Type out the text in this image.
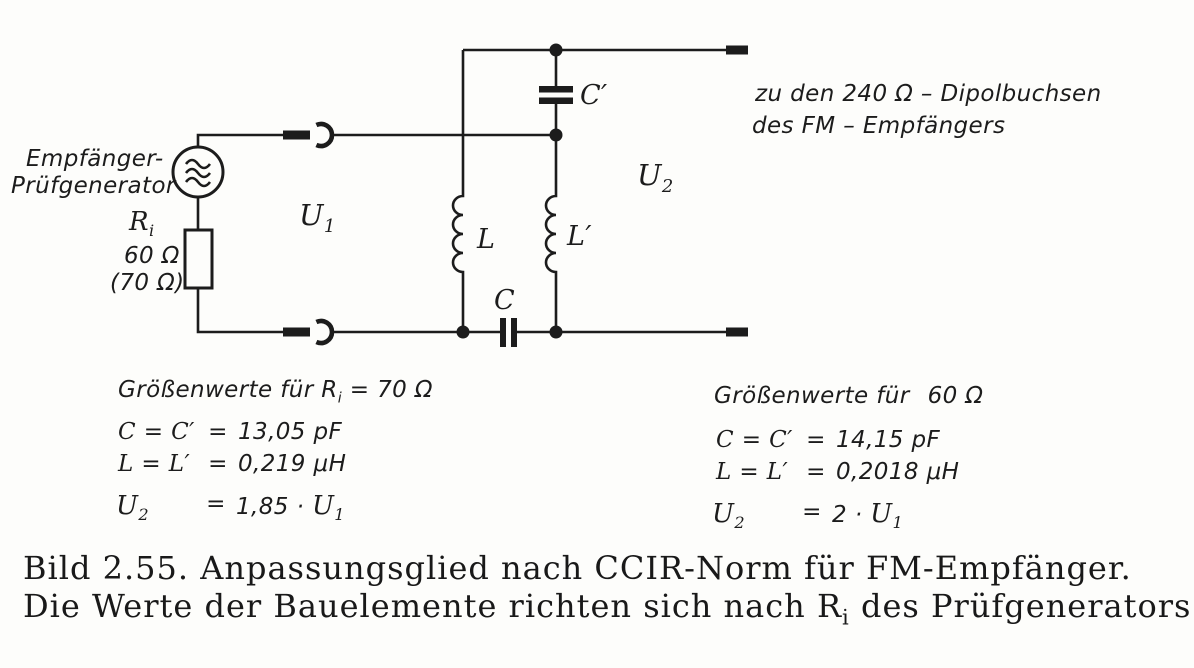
Empfänger-
Prüfgenerator
$R_i$
60 Ω
(70 Ω)
$U_1$
$U_2$
L	L′
C′
C
zu den 240 Ω – Dipolbuchsen
des FM – Empfängers
Größenwerte für $R_i = 70$ Ω
C = C′ = 13,05 pF
L = L′ = 0,219 μH
$U_2$	= $1,85 \cdot U_1$
Größenwerte für 60 Ω
C = C′ = 14,15 pF
L = L′ = 0,2018 μH
$U_2$	= $2 \cdot U_1$
Bild 2.55. Anpassungsglied nach CCIR-Norm für FM-Empfänger.
Die Werte der Bauelemente richten sich nach $R_i$ des Prüfgenerators
